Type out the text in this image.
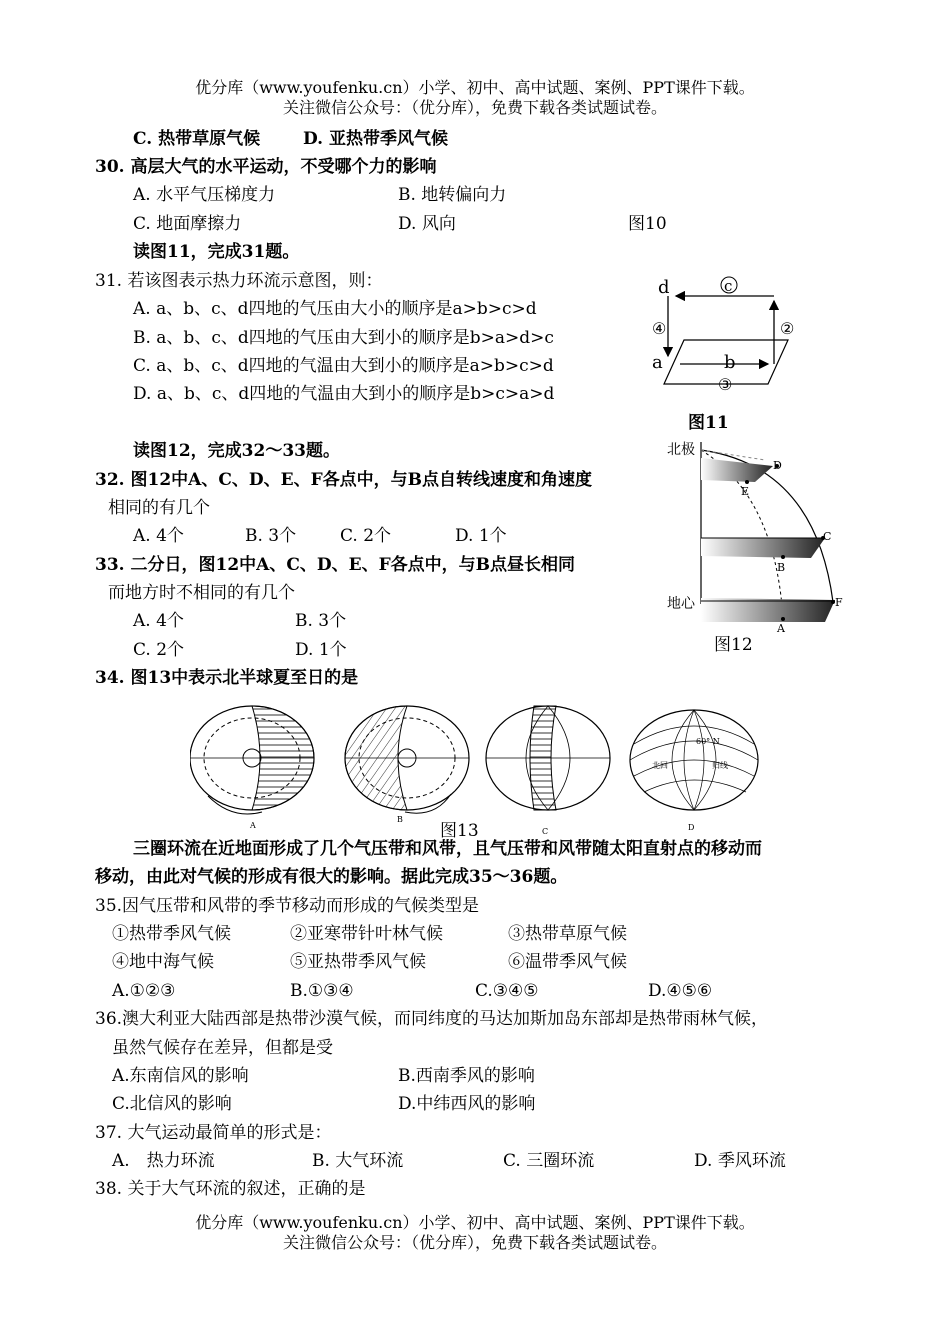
优分库（www.youfenku.cn）小学、初中、高中试题、案例、PPT课件下载。
关注微信公众号：（优分库），免费下载各类试题试卷。
C. 热带草原气候	D. 亚热带季风气候
30. 高层大气的水平运动，不受哪个力的影响
A. 水平气压梯度力	B. 地转偏向力
C. 地面摩擦力	D. 风向	图10
读图11，完成31题。
31. 若该图表示热力环流示意图，则：
A. a、b、c、d四地的气压由大小的顺序是a>b>c>d
B. a、b、c、d四地的气压由大到小的顺序是b>a>d>c
C. a、b、c、d四地的气温由大到小的顺序是a>b>c>d
D. a、b、c、d四地的气温由大到小的顺序是b>c>a>d
d	c
④	②
a	b
③
图11
读图12，完成32～33题。
32. 图12中A、C、D、E、F各点中，与B点自转线速度和角速度
相同的有几个
A. 4个	B. 3个	C. 2个	D. 1个
33. 二分日，图12中A、C、D、E、F各点中，与B点昼长相同
而地方时不相同的有几个
A. 4个	B. 3个
C. 2个	D. 1个
北极
地心
D
E
C
B
F
A
图12
34. 图13中表示北半球夏至日的是
A
B
C
60° N
北回	归线
D
图13
三圈环流在近地面形成了几个气压带和风带，且气压带和风带随太阳直射点的移动而
移动，由此对气候的形成有很大的影响。据此完成35～36题。
35.因气压带和风带的季节移动而形成的气候类型是
①热带季风气候	②亚寒带针叶林气候	③热带草原气候
④地中海气候	⑤亚热带季风气候	⑥温带季风气候
A.①②③	B.①③④	C.③④⑤	D.④⑤⑥
36.澳大利亚大陆西部是热带沙漠气候，而同纬度的马达加斯加岛东部却是热带雨林气候，
虽然气候存在差异，但都是受
A.东南信风的影响	B.西南季风的影响
C.北信风的影响	D.中纬西风的影响
37. 大气运动最简单的形式是：
A.　热力环流	B. 大气环流	C. 三圈环流	D. 季风环流
38. 关于大气环流的叙述，正确的是
优分库（www.youfenku.cn）小学、初中、高中试题、案例、PPT课件下载。
关注微信公众号：（优分库），免费下载各类试题试卷。
